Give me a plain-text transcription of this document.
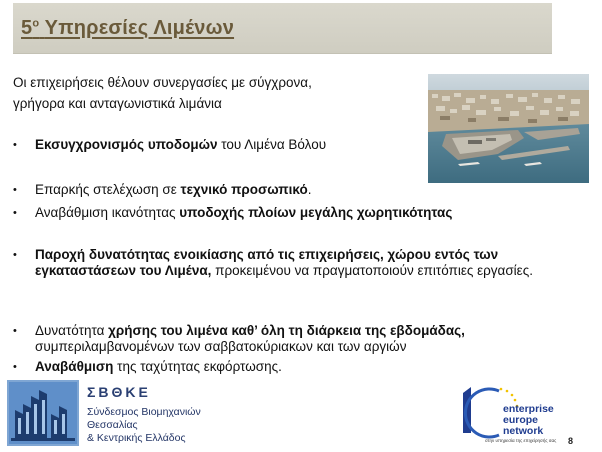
$5^o$ Υπηρεσίες Λιμένων
Οι επιχειρήσεις θέλουν συνεργασίες με σύγχρονα,
γρήγορα και ανταγωνιστικά λιμάνια
• Εκσυγχρονισμός υποδομών του Λιμένα Βόλου
• Επαρκής στελέχωση σε τεχνικό προσωπικό.
• Αναβάθμιση ικανότητας υποδοχής πλοίων μεγάλης χωρητικότητας
• Παροχή δυνατότητας ενοικίασης από τις επιχειρήσεις, χώρου εντός των εγκαταστάσεων του Λιμένα, προκειμένου να πραγματοποιούν επιτόπιες εργασίες.
• Δυνατότητα χρήσης του λιμένα καθ’ όλη τη διάρκεια της εβδομάδας, συμπεριλαμβανομένων των σαββατοκύριακων και των αργιών
• Αναβάθμιση της ταχύτητας εκφόρτωσης.
ΣΒΘΚΕ
Σύνδεσμος Βιομηχανιών
Θεσσαλίας
& Κεντρικής Ελλάδος
enterprise
europe
network
στην υπηρεσία της επιχείρησής σας 8
